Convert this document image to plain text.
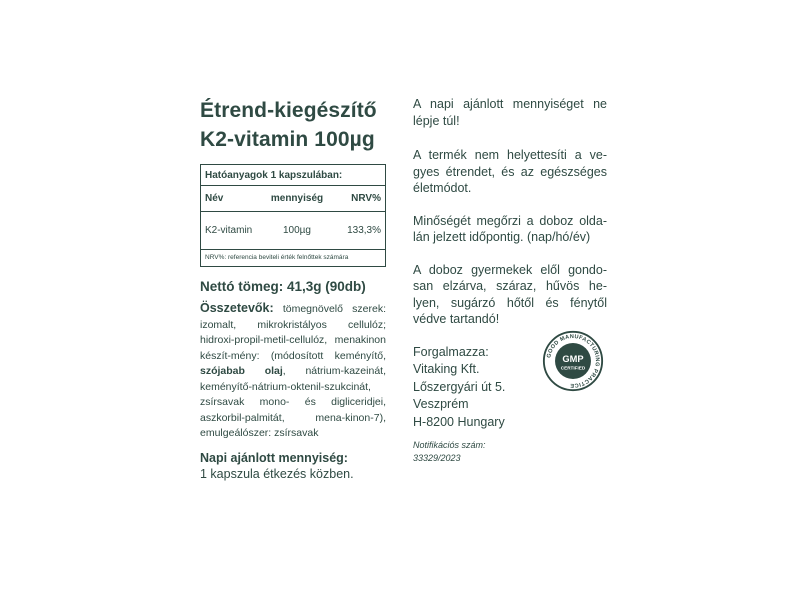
Étrend-kiegészítő
K2-vitamin 100µg
Hatóanyagok 1 kapszulában:
Név	mennyiség	NRV%
K2-vitamin	100µg	133,3%
NRV%: referencia beviteli érték felnőttek számára
Nettó tömeg: 41,3g (90db)
Összetevők: tömegnövelő szerek: izomalt, mikrokristályos cellulóz; hidroxi-propil-metil-cellulóz, menakinon készít-mény: (módosított keményítő, szójabab olaj, nátrium-kazeinát, keményítő-nátrium-oktenil-szukcinát, zsírsavak mono- és digliceridjei, aszkorbil-palmitát, mena-kinon-7), emulgeálószer: zsírsavak
Napi ajánlott mennyiség:
1 kapszula étkezés közben.

A napi ajánlott mennyiséget ne lépje túl!

A termék nem helyettesíti a ve-gyes étrendet, és az egészséges életmódot.

Minőségét megőrzi a doboz olda-lán jelzett időpontig. (nap/hó/év)

A doboz gyermekek elől gondo-san elzárva, száraz, hűvös he-lyen, sugárzó hőtől és fénytől védve tartandó!

Forgalmazza:
Vitaking Kft.
Lőszergyári út 5.
Veszprém
H-8200 Hungary
Notifikációs szám:
33329/2023
GOOD MANUFACTURING PRACTICE
GMP
CERTIFIED
